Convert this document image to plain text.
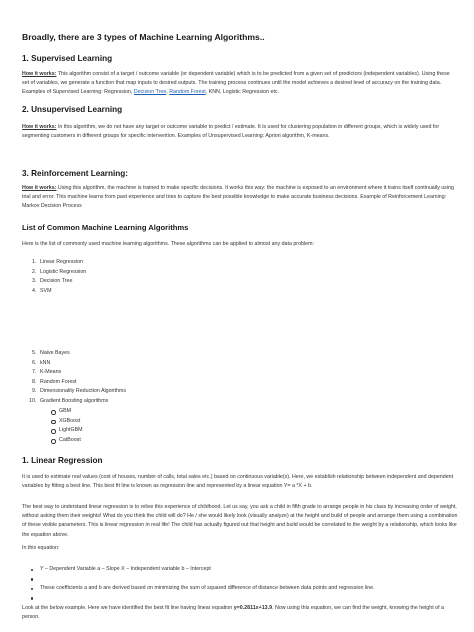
Broadly, there are 3 types of Machine Learning Algorithms..
1. Supervised Learning
How it works: This algorithm consist of a target / outcome variable (or dependent variable) which is to be predicted from a given set of predictors (independent variables). Using these set of variables, we generate a function that map inputs to desired outputs. The training process continues until the model achieves a desired level of accuracy on the training data. Examples of Supervised Learning: Regression, Decision Tree, Random Forest, KNN, Logistic Regression etc.
2. Unsupervised Learning
How it works: In this algorithm, we do not have any target or outcome variable to predict / estimate. It is used for clustering population in different groups, which is widely used for segmenting customers in different groups for specific intervention. Examples of Unsupervised Learning: Apriori algorithm, K-means.
3. Reinforcement Learning:
How it works: Using this algorithm, the machine is trained to make specific decisions. It works this way: the machine is exposed to an environment where it trains itself continually using trial and error. This machine learns from past experience and tries to capture the best possible knowledge to make accurate business decisions. Example of Reinforcement Learning: Markov Decision Process
List of Common Machine Learning Algorithms
Here is the list of commonly used machine learning algorithms. These algorithms can be applied to almost any data problem:
1. Linear Regression
2. Logistic Regression
3. Decision Tree
4. SVM
5. Naive Bayes
6. kNN
7. K-Means
8. Random Forest
9. Dimensionality Reduction Algorithms
10. Gradient Boosting algorithms
GBM
XGBoost
LightGBM
CatBoost
1. Linear Regression
It is used to estimate real values (cost of houses, number of calls, total sales etc.) based on continuous variable(s). Here, we establish relationship between independent and dependent variables by fitting a best line. This best fit line is known as regression line and represented by a linear equation Y= a *X + b.
The best way to understand linear regression is to relive this experience of childhood. Let us say, you ask a child in fifth grade to arrange people in his class by increasing order of weight, without asking them their weights! What do you think the child will do? He / she would likely look (visually analyze) at the height and build of people and arrange them using a combination of these visible parameters. This is linear regression in real life! The child has actually figured out that height and build would be correlated to the weight by a relationship, which looks like the equation above.
In this equation:
Y – Dependent Variable a – Slope X – Independent variable b – Intercept
These coefficients a and b are derived based on minimizing the sum of squared difference of distance between data points and regression line.
Look at the below example. Here we have identified the best fit line having linear equation y=0.2811x+13.9. Now using this equation, we can find the weight, knowing the height of a person.
